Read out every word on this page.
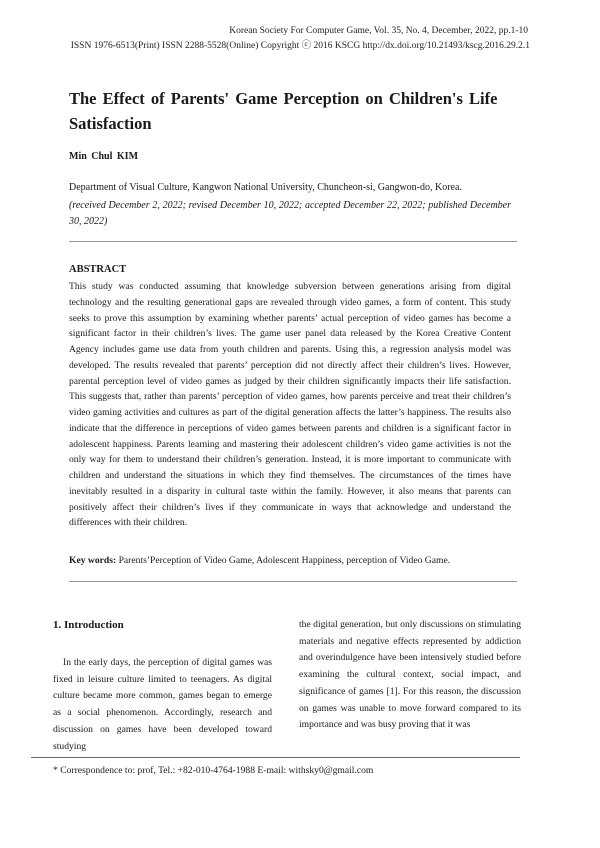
Korean Society For Computer Game, Vol. 35, No. 4, December, 2022, pp.1-10
ISSN 1976-6513(Print) ISSN 2288-5528(Online) Copyright ⓒ 2016 KSCG http://dx.doi.org/10.21493/kscg.2016.29.2.1
The Effect of Parents' Game Perception on Children's Life Satisfaction
Min Chul KIM
Department of Visual Culture, Kangwon National University, Chuncheon-si, Gangwon-do, Korea.
(received December 2, 2022; revised December 10, 2022; accepted December 22, 2022; published December 30, 2022)
ABSTRACT
This study was conducted assuming that knowledge subversion between generations arising from digital technology and the resulting generational gaps are revealed through video games, a form of content. This study seeks to prove this assumption by examining whether parents’ actual perception of video games has become a significant factor in their children’s lives. The game user panel data released by the Korea Creative Content Agency includes game use data from youth children and parents. Using this, a regression analysis model was developed. The results revealed that parents’ perception did not directly affect their children’s lives. However, parental perception level of video games as judged by their children significantly impacts their life satisfaction. This suggests that, rather than parents’ perception of video games, how parents perceive and treat their children’s video gaming activities and cultures as part of the digital generation affects the latter’s happiness. The results also indicate that the difference in perceptions of video games between parents and children is a significant factor in adolescent happiness. Parents learning and mastering their adolescent children’s video game activities is not the only way for them to understand their children’s generation. Instead, it is more important to communicate with children and understand the situations in which they find themselves. The circumstances of the times have inevitably resulted in a disparity in cultural taste within the family. However, it also means that parents can positively affect their children’s lives if they communicate in ways that acknowledge and understand the differences with their children.
Key words: Parents’Perception of Video Game, Adolescent Happiness, perception of Video Game.
1. Introduction
In the early days, the perception of digital games was fixed in leisure culture limited to teenagers. As digital culture became more common, games began to emerge as a social phenomenon. Accordingly, research and discussion on games have been developed toward studying
the digital generation, but only discussions on stimulating materials and negative effects represented by addiction and overindulgence have been intensively studied before examining the cultural context, social impact, and significance of games [1]. For this reason, the discussion on games was unable to move forward compared to its importance and was busy proving that it was
* Correspondence to: prof, Tel.: +82-010-4764-1988 E-mail: withsky0@gmail.com
